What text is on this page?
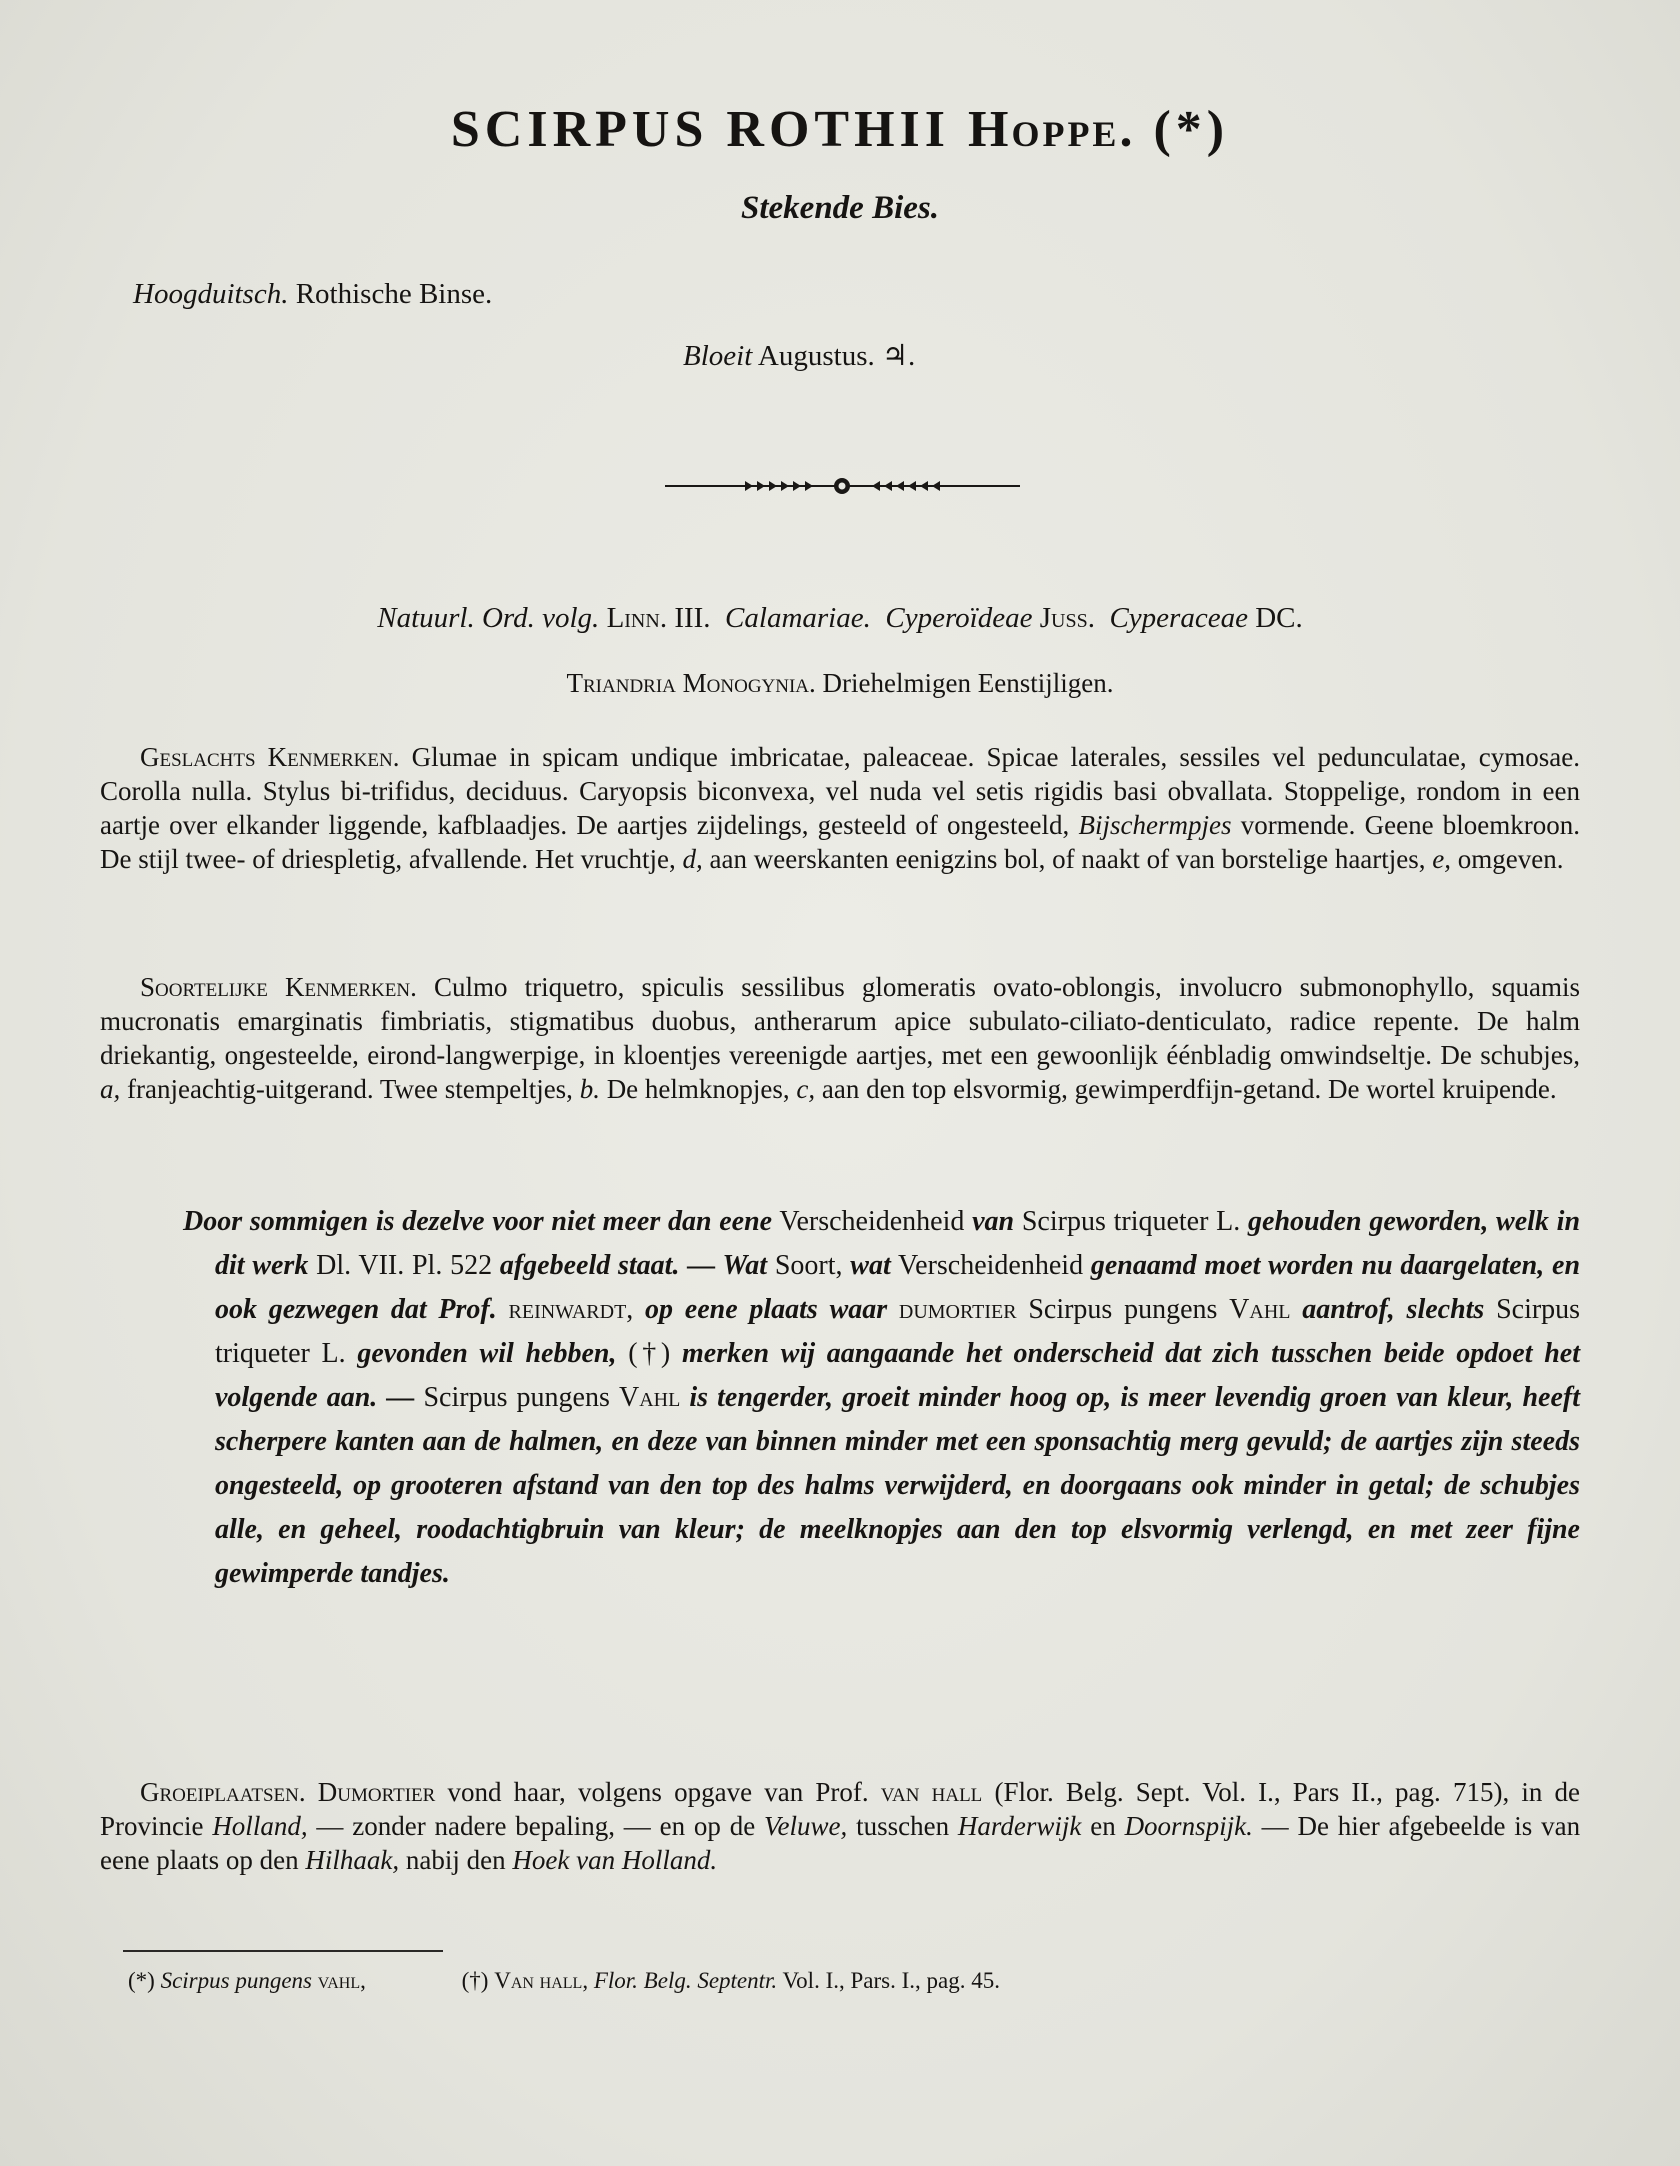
SCIRPUS ROTHII Hoppe. (*)
Stekende Bies.
Hoogduitsch. Rothische Binse.
Bloeit Augustus. ♃.
Natuurl. Ord. volg. Linn. III. Calamariae. Cyperoïdeae Juss. Cyperaceae DC.
Triandria Monogynia. Driehelmigen Eenstijligen.
Geslachts Kenmerken. Glumae in spicam undique imbricatae, paleaceae. Spicae laterales, sessiles vel pedunculatae, cymosae. Corolla nulla. Stylus bi-trifidus, deciduus. Caryopsis biconvexa, vel nuda vel setis rigidis basi obvallata. Stoppelige, rondom in een aartje over elkander liggende, kafblaadjes. De aartjes zijdelings, gesteeld of ongesteeld, Bijschermpjes vormende. Geene bloemkroon. De stijl twee- of driespletig, afvallende. Het vruchtje, d, aan weerskanten eenigzins bol, of naakt of van borstelige haartjes, e, omgeven.
Soortelijke Kenmerken. Culmo triquetro, spiculis sessilibus glomeratis ovato-oblongis, involucro submonophyllo, squamis mucronatis emarginatis fimbriatis, stigmatibus duobus, antherarum apice subulato-ciliato-denticulato, radice repente. De halm driekantig, ongesteelde, eirond-langwerpige, in kloentjes vereenigde aartjes, met een gewoonlijk éénbladig omwindseltje. De schubjes, a, franjeachtig-uitgerand. Twee stempeltjes, b. De helmknopjes, c, aan den top elsvormig, gewimperdfijn-getand. De wortel kruipende.
Door sommigen is dezelve voor niet meer dan eene Verscheidenheid van Scirpus triqueter L. gehouden geworden, welk in dit werk Dl. VII. Pl. 522 afgebeeld staat. — Wat Soort, wat Verscheidenheid genaamd moet worden nu daargelaten, en ook gezwegen dat Prof. reinwardt, op eene plaats waar dumortier Scirpus pungens Vahl aantrof, slechts Scirpus triqueter L. gevonden wil hebben, (†) merken wij aangaande het onderscheid dat zich tusschen beide opdoet het volgende aan. — Scirpus pungens Vahl is tengerder, groeit minder hoog op, is meer levendig groen van kleur, heeft scherpere kanten aan de halmen, en deze van binnen minder met een sponsachtig merg gevuld; de aartjes zijn steeds ongesteeld, op grooteren afstand van den top des halms verwijderd, en doorgaans ook minder in getal; de schubjes alle, en geheel, roodachtigbruin van kleur; de meelknopjes aan den top elsvormig verlengd, en met zeer fijne gewimperde tandjes.
Groeiplaatsen. Dumortier vond haar, volgens opgave van Prof. van hall (Flor. Belg. Sept. Vol. I., Pars II., pag. 715), in de Provincie Holland, — zonder nadere bepaling, — en op de Veluwe, tusschen Harderwijk en Doornspijk. — De hier afgebeelde is van eene plaats op den Hilhaak, nabij den Hoek van Holland.
(*) Scirpus pungens vahl,	(†) Van hall, Flor. Belg. Septentr. Vol. I., Pars. I., pag. 45.
